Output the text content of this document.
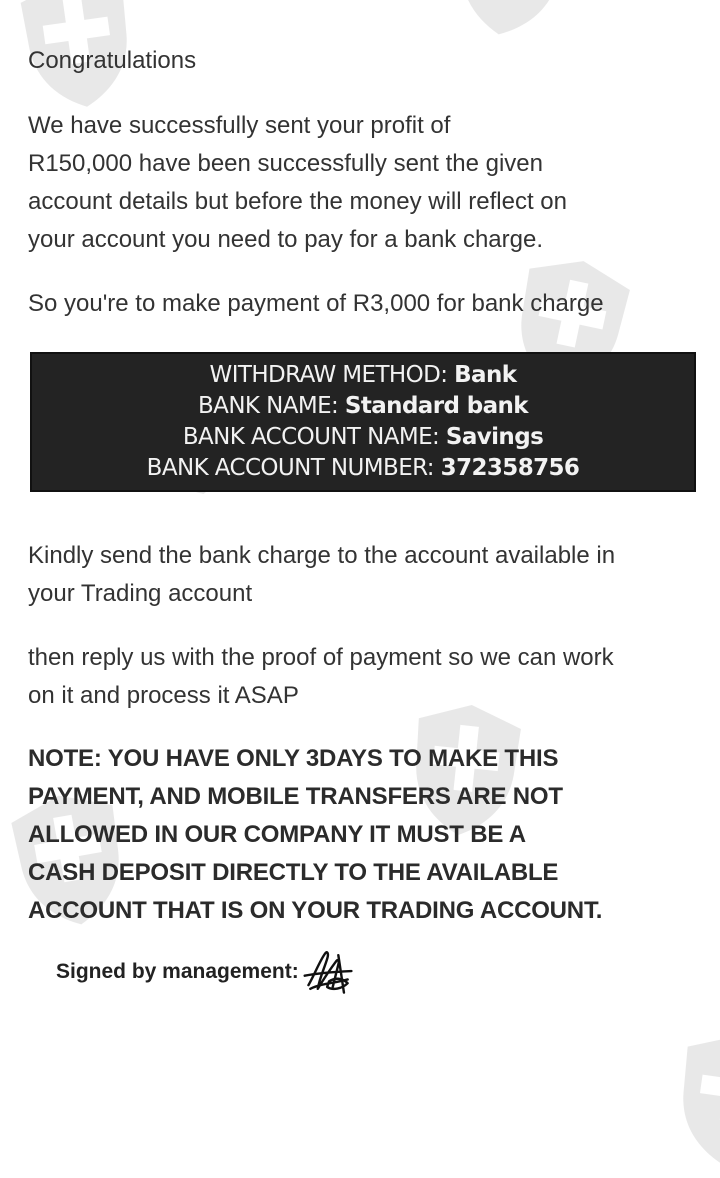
Congratulations

We have successfully sent your profit of
R150,000 have been successfully sent the given
account details but before the money will reflect on
your account you need to pay for a bank charge.

So you're to make payment of R3,000 for bank charge

WITHDRAW METHOD: Bank
BANK NAME: Standard bank
BANK ACCOUNT NAME: Savings
BANK ACCOUNT NUMBER: 372358756

Kindly send the bank charge to the account available in
your Trading account

then reply us with the proof of payment so we can work
on it and process it ASAP

NOTE: YOU HAVE ONLY 3DAYS TO MAKE THIS
PAYMENT, AND MOBILE TRANSFERS ARE NOT
ALLOWED IN OUR COMPANY IT MUST BE A
CASH DEPOSIT DIRECTLY TO THE AVAILABLE
ACCOUNT THAT IS ON YOUR TRADING ACCOUNT.

Signed by management:
